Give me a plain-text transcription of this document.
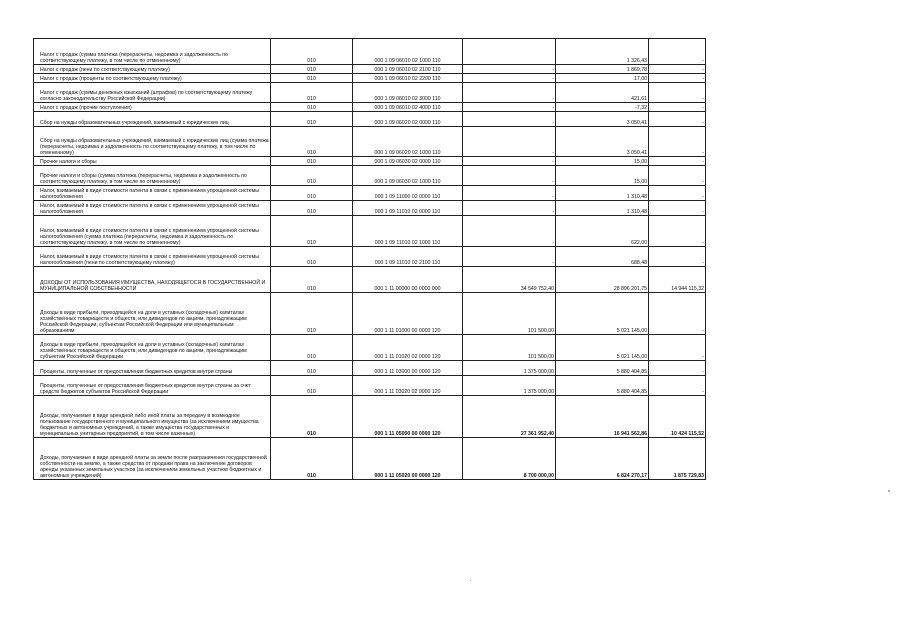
Налог с продаж (сумма платежа (перерасчеты, недоимка и задолженность по соответствующему платежу, в том числе по отмененному)	010	000 1 09 06010 02 1000 110		1 326,43	-
Налог с продаж (пени по соответствующему платежу)	010	000 1 09 06010 02 2100 110	-	1 869,78	-
Налог с продаж (проценты по соответствующему платежу)	010	000 1 09 06010 02 2200 110	-	17,00	-
Налог с продаж (суммы денежных взысканий (штрафов) по соответствующему платежу согласно законодательству Российской Федерации)	010	000 1 09 06010 02 3000 110	-	421,61	-
Налог с продаж (прочие поступления)	010	000 1 09 06010 02 4000 110	-	-7,32	-
Сбор на нужды образовательных учреждений, взимаемый с юридических лиц	010	000 1 09 06020 02 0000 110	-	3 050,41	-
Сбор на нужды образовательных учреждений, взимаемый с юридических лиц (сумма платежа (перерасчеты, недоимка и задолженность по соответствующему платежу, в том числе по отмененному)	010	000 1 09 06020 02 1000 110	-	3 050,41	-
Прочие налоги и сборы	010	000 1 09 06030 02 0000 110	-	15,00	-
Прочие налоги и сборы (сумма платежа (перерасчеты, недоимка и задолженность по соответствующему платежу, в том числе по отмененному)	010	000 1 09 06030 02 1000 110	-	15,00	-
Налог, взимаемый в виде стоимости патента в связи с применением упрощенной системы налогообложения	010	000 1 09 11000 02 0000 110	-	1 310,48	-
Налог, взимаемый в виде стоимости патента в связи с применением упрощенной системы налогообложения	010	000 1 09 11010 02 0000 110	-	1 310,48	-
Налог, взимаемый в виде стоимости патента в связи с применением упрощенной системы налогообложения (сумма платежа (перерасчеты, недоимка и задолженность по соответствующему платежу, в том числе по отмененному)	010	000 1 09 11010 02 1000 110	-	622,00	-
Налог, взимаемый в виде стоимости патента в связи с применением упрощенной системы налогообложения (пени по соответствующему платежу)	010	000 1 09 11010 02 2100 110	-	688,48	-
ДОХОДЫ ОТ ИСПОЛЬЗОВАНИЯ ИМУЩЕСТВА, НАХОДЯЩЕГОСЯ В ГОСУДАРСТВЕННОЙ И МУНИЦИПАЛЬНОЙ СОБСТВЕННОСТИ	010	000 1 11 00000 00 0000 000	34 549 752,40	28 896 201,75	14 944 115,32
Доходы в виде прибыли, приходящейся на доли в уставных (складочных) капиталах хозяйственных товариществ и обществ, или дивидендов по акциям, принадлежащим Российской Федерации, субъектам Российской Федерации или муниципальным образованиям	010	000 1 11 01000 00 0000 120	101 500,00	5 021 145,00	-
Доходы в виде прибыли, приходящейся на доли в уставных (складочных) капиталах хозяйственных товариществ и обществ, или дивидендов по акциям, принадлежащим субъектам Российской Федерации	010	000 1 11 01020 02 0000 120	101 500,00	5 021 145,00	-
Проценты, полученные от предоставления бюджетных кредитов внутри страны	010	000 1 11 03000 00 0000 120	1 375 000,00	5 880 404,85	-
Проценты, полученные от предоставления бюджетных кредитов внутри страны за счет средств бюджетов субъектов Российской Федерации	010	000 1 11 03020 02 0000 120	1 375 000,00	5 880 404,85	-
Доходы, получаемые в виде арендной либо иной платы за передачу в возмездное пользование государственного и муниципального имущества (за исключением имущества бюджетных и автономных учреждений, а также имущества государственных и муниципальных унитарных предприятий, в том числе казенных)	010	000 1 11 05000 00 0000 120	27 361 952,40	16 941 562,86	10 424 115,52
Доходы, получаемые в виде арендной платы за земли после разграничения государственной собственности на землю, а также средства от продажи права на заключение договоров аренды указанных земельных участков (за исключением земельных участков бюджетных и автономных учреждений)	010	000 1 11 05020 00 0000 120	8 700 000,00	6 824 270,17	1 875 729,83
